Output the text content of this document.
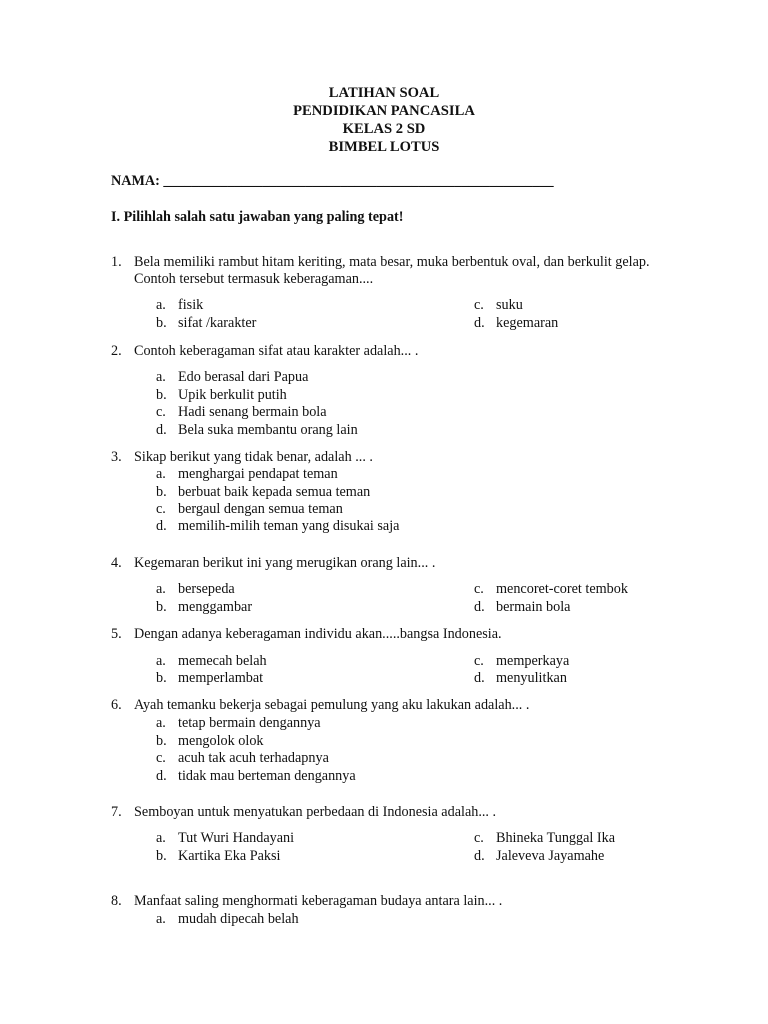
LATIHAN SOAL
PENDIDIKAN PANCASILA
KELAS 2 SD
BIMBEL LOTUS
NAMA: _______________________________________________________
I. Pilihlah salah satu jawaban yang paling tepat!
1. Bela memiliki rambut hitam keriting, mata besar, muka berbentuk oval, dan berkulit gelap.
Contoh tersebut termasuk keberagaman....
a. fisik
b. sifat /karakter
c. suku
d. kegemaran
2. Contoh keberagaman sifat atau karakter adalah... .
a. Edo berasal dari Papua
b. Upik berkulit putih
c. Hadi senang bermain bola
d. Bela suka membantu orang lain
3. Sikap berikut yang tidak benar, adalah ... .
a. menghargai pendapat teman
b. berbuat baik kepada semua teman
c. bergaul dengan semua teman
d. memilih-milih teman yang disukai saja
4. Kegemaran berikut ini yang merugikan orang lain... .
a. bersepeda
b. menggambar
c. mencoret-coret tembok
d. bermain bola
5. Dengan adanya keberagaman individu akan.....bangsa Indonesia.
a. memecah belah
b. memperlambat
c. memperkaya
d. menyulitkan
6. Ayah temanku bekerja sebagai pemulung yang aku lakukan adalah... .
a. tetap bermain dengannya
b. mengolok olok
c. acuh tak acuh terhadapnya
d. tidak mau berteman dengannya
7. Semboyan untuk menyatukan perbedaan di Indonesia adalah... .
a. Tut Wuri Handayani
b. Kartika Eka Paksi
c. Bhineka Tunggal Ika
d. Jaleveva Jayamahe
8. Manfaat saling menghormati keberagaman budaya antara lain... .
a. mudah dipecah belah
